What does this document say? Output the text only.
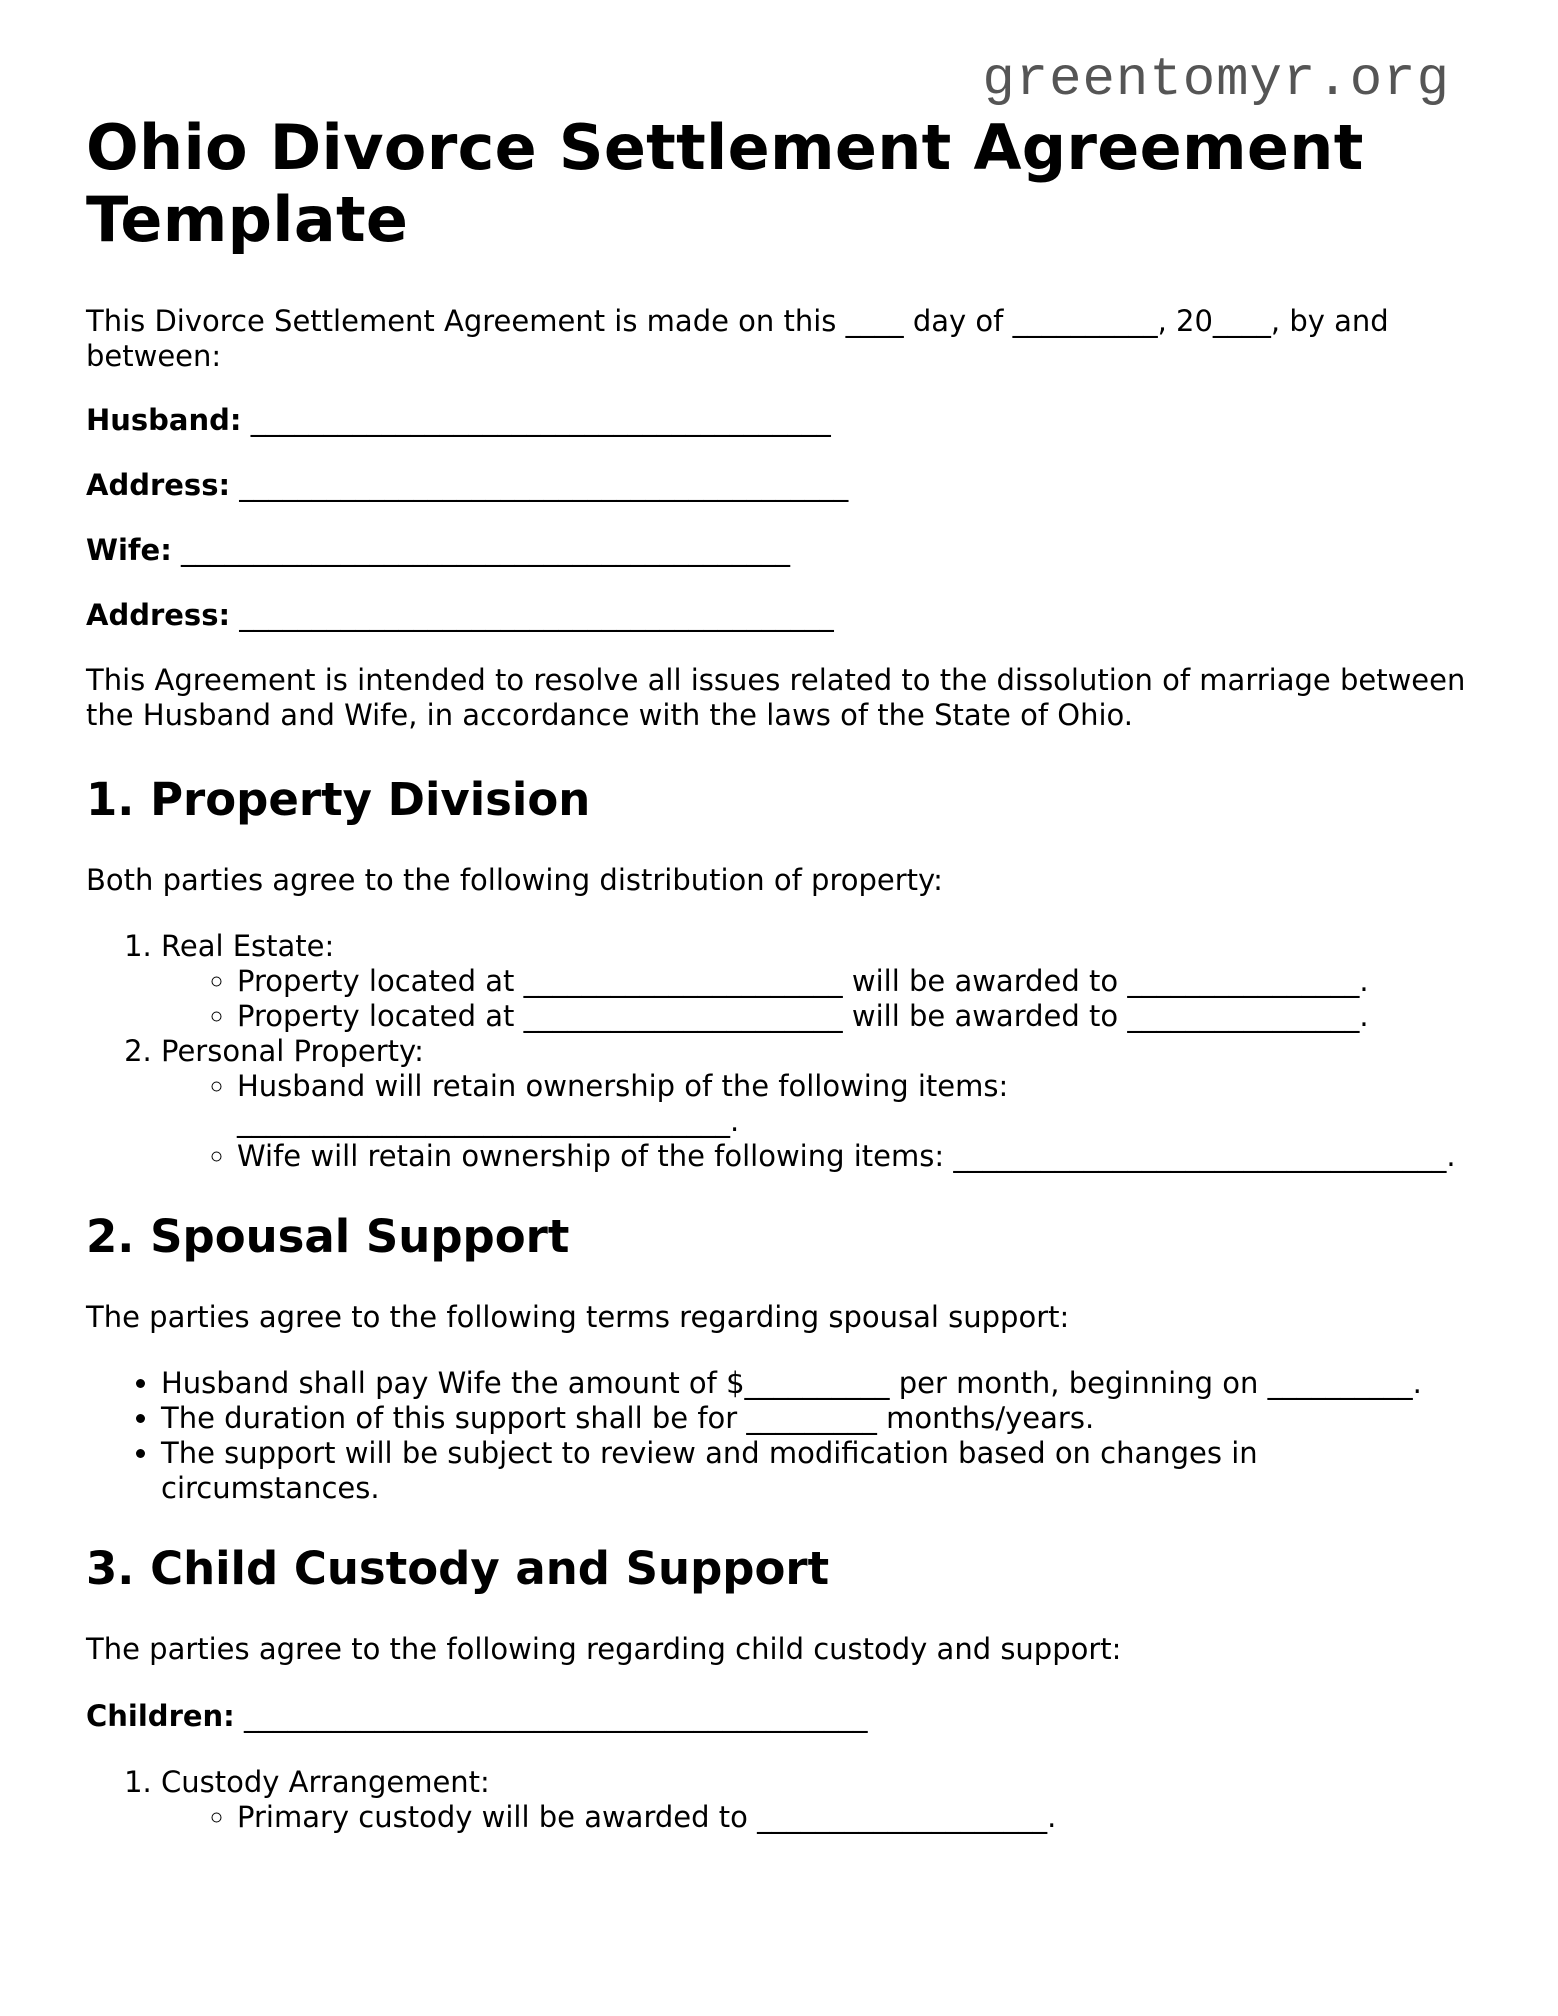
greentomyr.org
Ohio Divorce Settlement Agreement Template

This Divorce Settlement Agreement is made on this ____ day of __________, 20____, by and between:

Husband: ________________________________________

Address: __________________________________________

Wife: __________________________________________

Address: _________________________________________

This Agreement is intended to resolve all issues related to the dissolution of marriage between the Husband and Wife, in accordance with the laws of the State of Ohio.

1. Property Division

Both parties agree to the following distribution of property:

1. Real Estate:
◦ Property located at ______________________ will be awarded to ________________.
◦ Property located at ______________________ will be awarded to ________________.
2. Personal Property:
◦ Husband will retain ownership of the following items: __________________________________.
◦ Wife will retain ownership of the following items: __________________________________.
2. Spousal Support

The parties agree to the following terms regarding spousal support:

• Husband shall pay Wife the amount of $__________ per month, beginning on __________.
• The duration of this support shall be for _________ months/years.
• The support will be subject to review and modification based on changes in circumstances.
3. Child Custody and Support

The parties agree to the following regarding child custody and support:

Children: ___________________________________________

1. Custody Arrangement:
◦ Primary custody will be awarded to ____________________.
